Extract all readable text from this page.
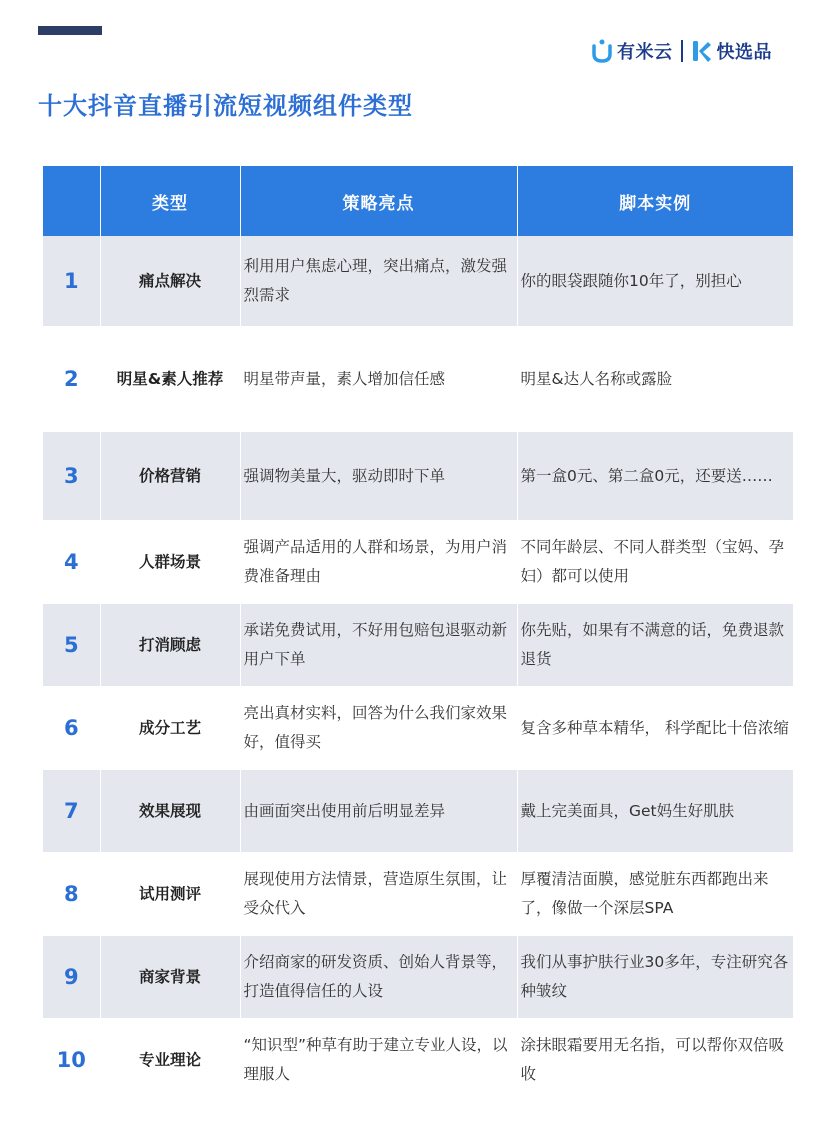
有米云 快选品
十大抖音直播引流短视频组件类型
	类型	策略亮点	脚本实例

1	痛点解决	利用用户焦虑心理，突出痛点，激发强烈需求	你的眼袋跟随你10年了，别担心

2	明星&素人推荐	明星带声量，素人增加信任感	明星&达人名称或露脸

3	价格营销	强调物美量大，驱动即时下单	第一盒0元、第二盒0元，还要送……

4	人群场景	强调产品适用的人群和场景，为用户消费准备理由	不同年龄层、不同人群类型（宝妈、孕妇）都可以使用

5	打消顾虑	承诺免费试用，不好用包赔包退驱动新用户下单	你先贴，如果有不满意的话，免费退款退货

6	成分工艺	亮出真材实料，回答为什么我们家效果好，值得买	复含多种草本精华， 科学配比十倍浓缩

7	效果展现	由画面突出使用前后明显差异	戴上完美面具，Get妈生好肌肤

8	试用测评	展现使用方法情景，营造原生氛围，让受众代入	厚覆清洁面膜，感觉脏东西都跑出来了，像做一个深层SPA

9	商家背景	介绍商家的研发资质、创始人背景等，打造值得信任的人设	我们从事护肤行业30多年，专注研究各种皱纹

10	专业理论	“知识型”种草有助于建立专业人设，以理服人	涂抹眼霜要用无名指，可以帮你双倍吸收
